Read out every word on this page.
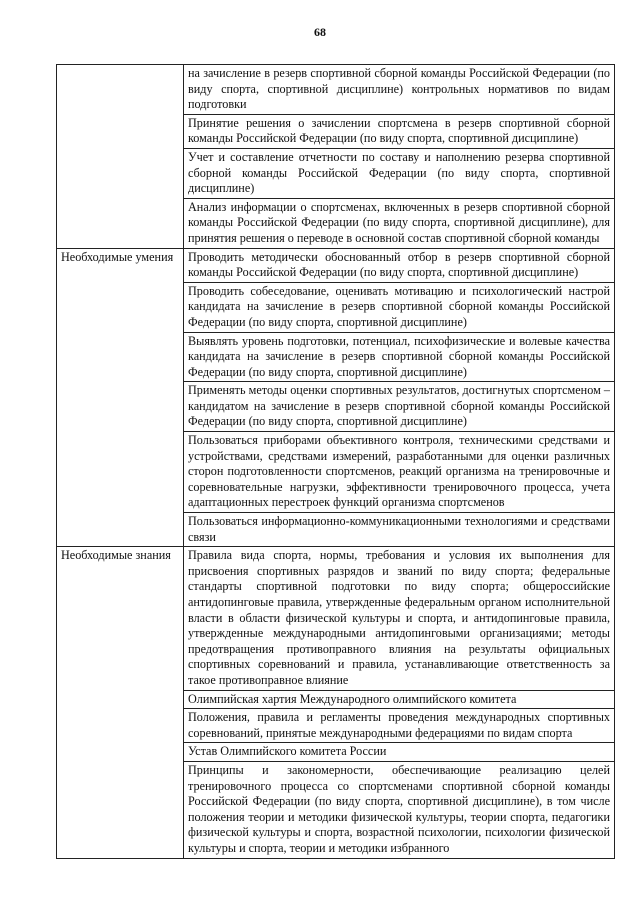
68
	на зачисление в резерв спортивной сборной команды Российской Федерации (по виду спорта, спортивной дисциплине) контрольных нормативов по видам подготовки
	Принятие решения о зачислении спортсмена в резерв спортивной сборной команды Российской Федерации (по виду спорта, спортивной дисциплине)
	Учет и составление отчетности по составу и наполнению резерва спортивной сборной команды Российской Федерации (по виду спорта, спортивной дисциплине)
	Анализ информации о спортсменах, включенных в резерв спортивной сборной команды Российской Федерации (по виду спорта, спортивной дисциплине), для принятия решения о переводе в основной состав спортивной сборной команды
Необходимые умения	Проводить методически обоснованный отбор в резерв спортивной сборной команды Российской Федерации (по виду спорта, спортивной дисциплине)
	Проводить собеседование, оценивать мотивацию и психологический настрой кандидата на зачисление в резерв спортивной сборной команды Российской Федерации (по виду спорта, спортивной дисциплине)
	Выявлять уровень подготовки, потенциал, психофизические и волевые качества кандидата на зачисление в резерв спортивной сборной команды Российской Федерации (по виду спорта, спортивной дисциплине)
	Применять методы оценки спортивных результатов, достигнутых спортсменом – кандидатом на зачисление в резерв спортивной сборной команды Российской Федерации (по виду спорта, спортивной дисциплине)
	Пользоваться приборами объективного контроля, техническими средствами и устройствами, средствами измерений, разработанными для оценки различных сторон подготовленности спортсменов, реакций организма на тренировочные и соревновательные нагрузки, эффективности тренировочного процесса, учета адаптационных перестроек функций организма спортсменов
	Пользоваться информационно-коммуникационными технологиями и средствами связи
Необходимые знания	Правила вида спорта, нормы, требования и условия их выполнения для присвоения спортивных разрядов и званий по виду спорта; федеральные стандарты спортивной подготовки по виду спорта; общероссийские антидопинговые правила, утвержденные федеральным органом исполнительной власти в области физической культуры и спорта, и антидопинговые правила, утвержденные международными антидопинговыми организациями; методы предотвращения противоправного влияния на результаты официальных спортивных соревнований и правила, устанавливающие ответственность за такое противоправное влияние
	Олимпийская хартия Международного олимпийского комитета
	Положения, правила и регламенты проведения международных спортивных соревнований, принятые международными федерациями по видам спорта
	Устав Олимпийского комитета России
	Принципы и закономерности, обеспечивающие реализацию целей тренировочного процесса со спортсменами спортивной сборной команды Российской Федерации (по виду спорта, спортивной дисциплине), в том числе положения теории и методики физической культуры, теории спорта, педагогики физической культуры и спорта, возрастной психологии, психологии физической культуры и спорта, теории и методики избранного
